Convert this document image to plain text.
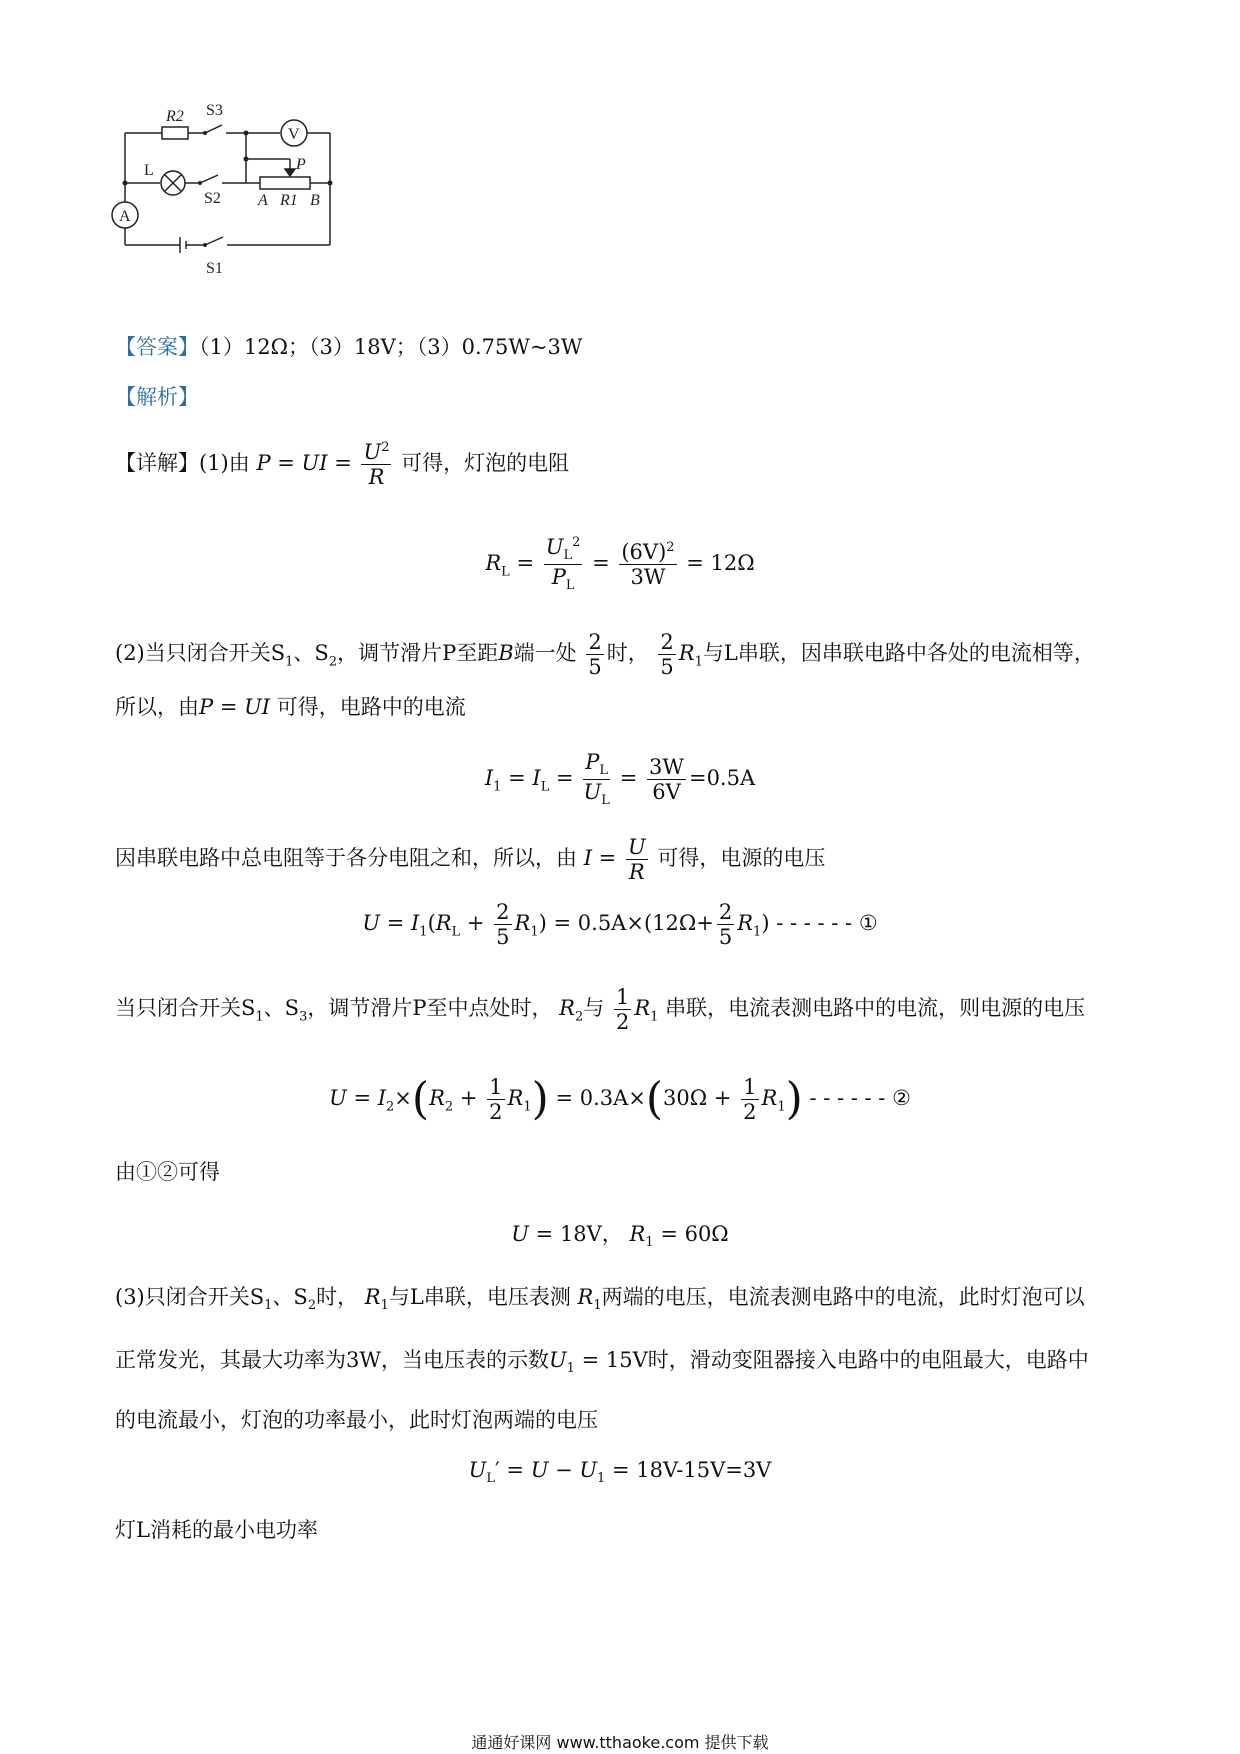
R2 S3
V
L	P
S2 A R1 B
A
S1
【答案】（1）12Ω；（3）18V；（3）0.75W~3W
【解析】
【详解】(1)由 P = UI = $\frac{U^2}{R}$ 可得，灯泡的电阻
$R_L = \frac{U_L^2}{P_L} = \frac{(6V)^2}{3W} = 12\Omega$
(2)当只闭合开关$S_1$、$S_2$，调节滑片P至距B端一处 $\frac{2}{5}$ 时， $\frac{2}{5} R_1$与L串联，因串联电路中各处的电流相等，
所以，由P = UI 可得，电路中的电流
$I_1 = I_L = \frac{P_L}{U_L} = \frac{3W}{6V} =0.5A$
因串联电路中总电阻等于各分电阻之和，所以，由 $I = \frac{U}{R}$ 可得，电源的电压
$U = I_1(R_L + \frac{2}{5} R_1) = 0.5A\times(12\Omega+ \frac{2}{5} R_1)$ - - - - - - ①
当只闭合开关$S_1$、$S_3$，调节滑片P至中点处时， $R_2$与 $\frac{1}{2} R_1$ 串联，电流表测电路中的电流，则电源的电压
$U = I_2\times(R_2 + \frac{1}{2} R_1) = 0.3A\times(30\Omega + \frac{1}{2} R_1)$ - - - - - - ②
由①②可得
U = 18V， $R_1 = 60\Omega$
(3)只闭合开关$S_1$、$S_2$时， $R_1$与L串联，电压表测 $R_1$两端的电压，电流表测电路中的电流，此时灯泡可以
正常发光，其最大功率为3W，当电压表的示数$U_1 = 15V$时，滑动变阻器接入电路中的电阻最大，电路中
的电流最小，灯泡的功率最小，此时灯泡两端的电压
$U_L' = U - U_1 = 18V-15V=3V$
灯L消耗的最小电功率
通通好课网 www.tthaoke.com 提供下载
